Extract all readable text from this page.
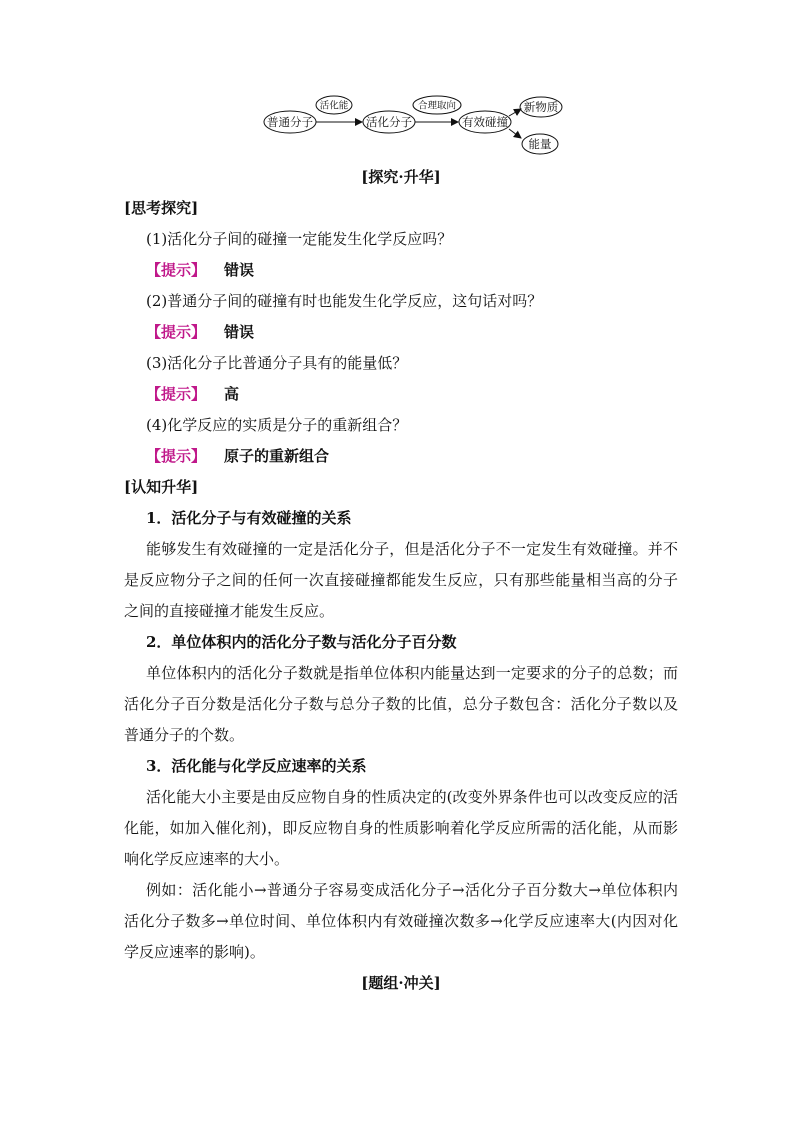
普通分子
活化能
活化分子
合理取向
有效碰撞
新物质
能量
[探究·升华]
[思考探究]
(1)活化分子间的碰撞一定能发生化学反应吗？
【提示】 错误
(2)普通分子间的碰撞有时也能发生化学反应，这句话对吗？
【提示】 错误
(3)活化分子比普通分子具有的能量低？
【提示】 高
(4)化学反应的实质是分子的重新组合？
【提示】 原子的重新组合
[认知升华]
1．活化分子与有效碰撞的关系

能够发生有效碰撞的一定是活化分子，但是活化分子不一定发生有效碰撞。并不是反应物分子之间的任何一次直接碰撞都能发生反应，只有那些能量相当高的分子之间的直接碰撞才能发生反应。

2．单位体积内的活化分子数与活化分子百分数

单位体积内的活化分子数就是指单位体积内能量达到一定要求的分子的总数；而活化分子百分数是活化分子数与总分子数的比值，总分子数包含：活化分子数以及普通分子的个数。

3．活化能与化学反应速率的关系

活化能大小主要是由反应物自身的性质决定的(改变外界条件也可以改变反应的活化能，如加入催化剂)，即反应物自身的性质影响着化学反应所需的活化能，从而影响化学反应速率的大小。

例如：活化能小→普通分子容易变成活化分子→活化分子百分数大→单位体积内活化分子数多→单位时间、单位体积内有效碰撞次数多→化学反应速率大(内因对化学反应速率的影响)。

[题组·冲关]
